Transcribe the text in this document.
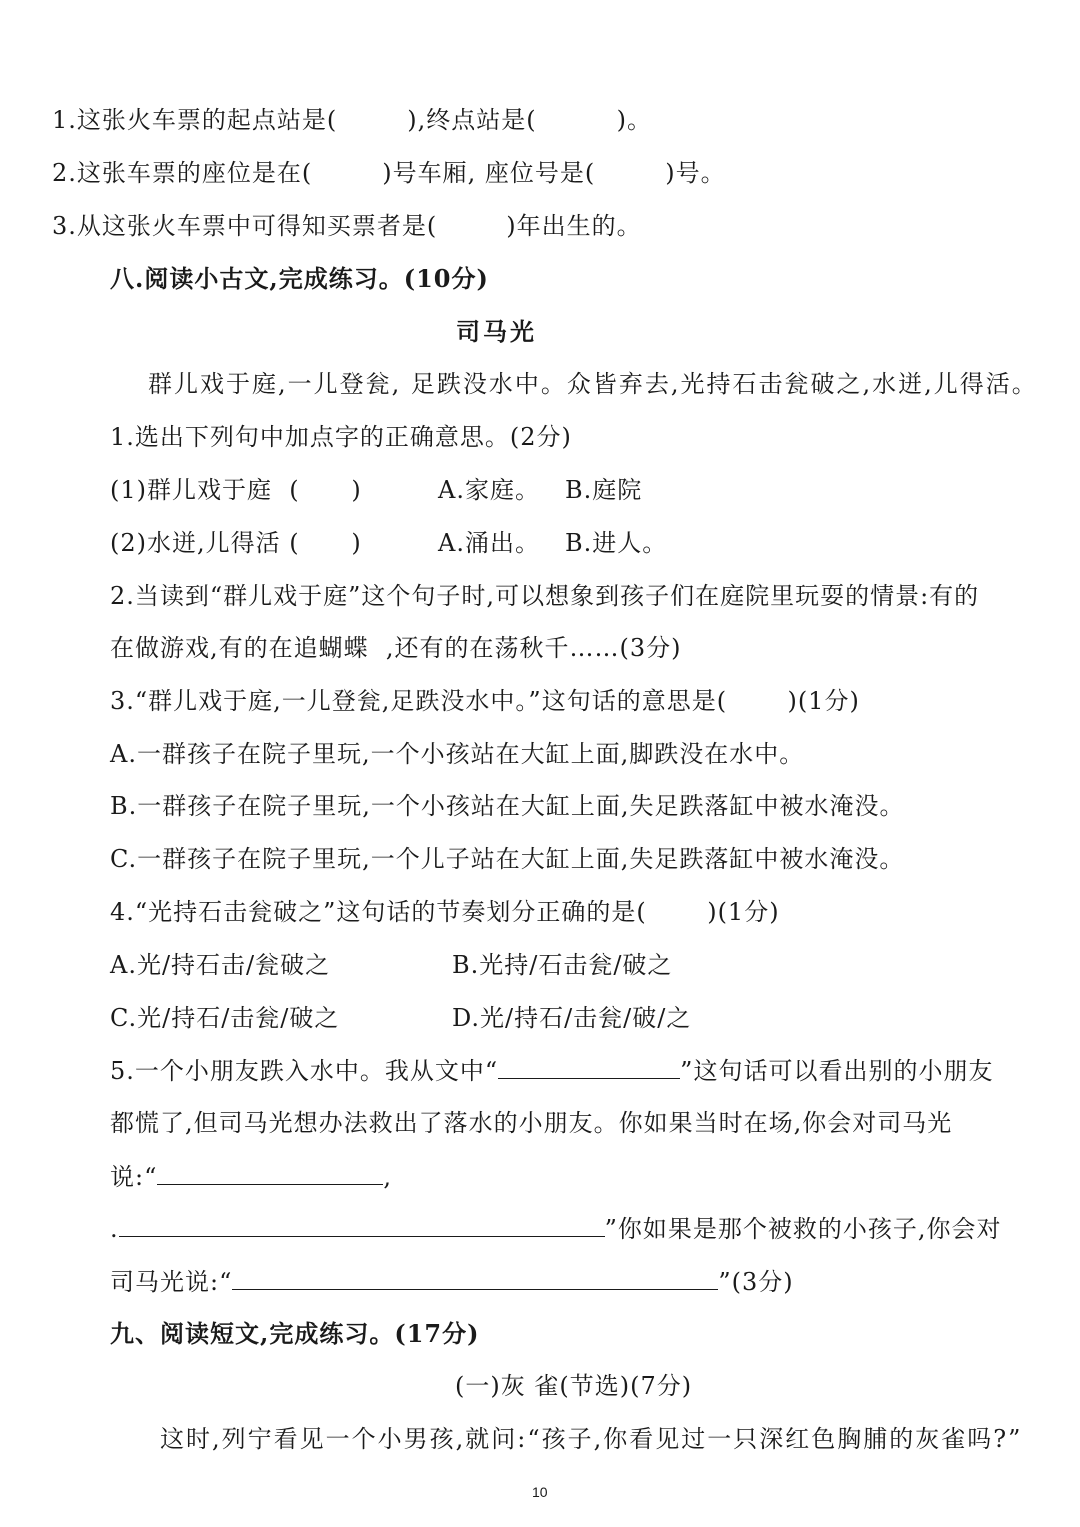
1.这张火车票的起点站是(	),终点站是(	)。
2.这张车票的座位是在(	)号车厢, 座位号是(	)号。
3.从这张火车票中可得知买票者是(        )年出生的。
八.阅读小古文,完成练习。(10分)
司马光
群儿戏于庭,一儿登瓮, 足跌没水中。众皆弃去,光持石击瓮破之,水迸,儿得活。
1.选出下列句中加点字的正确意思。(2分)
(1)群儿戏于庭  (      )	A.家庭。 B.庭院
(2)水迸,儿得活 (      )	A.涌出。 B.进人。
2.当读到“群儿戏于庭”这个句子时,可以想象到孩子们在庭院里玩耍的情景:有的
在做游戏,有的在追蝴蝶  ,还有的在荡秋千……(3分)
3.“群儿戏于庭,一儿登瓮,足跌没水中。”这句话的意思是(       )(1分)
A.一群孩子在院子里玩,一个小孩站在大缸上面,脚跌没在水中。
B.一群孩子在院子里玩,一个小孩站在大缸上面,失足跌落缸中被水淹没。
C.一群孩子在院子里玩,一个儿子站在大缸上面,失足跌落缸中被水淹没。
4.“光持石击瓮破之”这句话的节奏划分正确的是(       )(1分)
A.光/持石击/瓮破之	B.光持/石击瓮/破之
C.光/持石/击瓮/破之	D.光/持石/击瓮/破/之
5.一个小朋友跌入水中。我从文中“	”这句话可以看出别的小朋友
都慌了,但司马光想办法救出了落水的小朋友。你如果当时在场,你会对司马光
说:“	,
.	”你如果是那个被救的小孩子,你会对
司马光说:“	”(3分)
九、阅读短文,完成练习。(17分)
(一)灰 雀(节选)(7分)
这时,列宁看见一个小男孩,就问:“孩子,你看见过一只深红色胸脯的灰雀吗?”
10
